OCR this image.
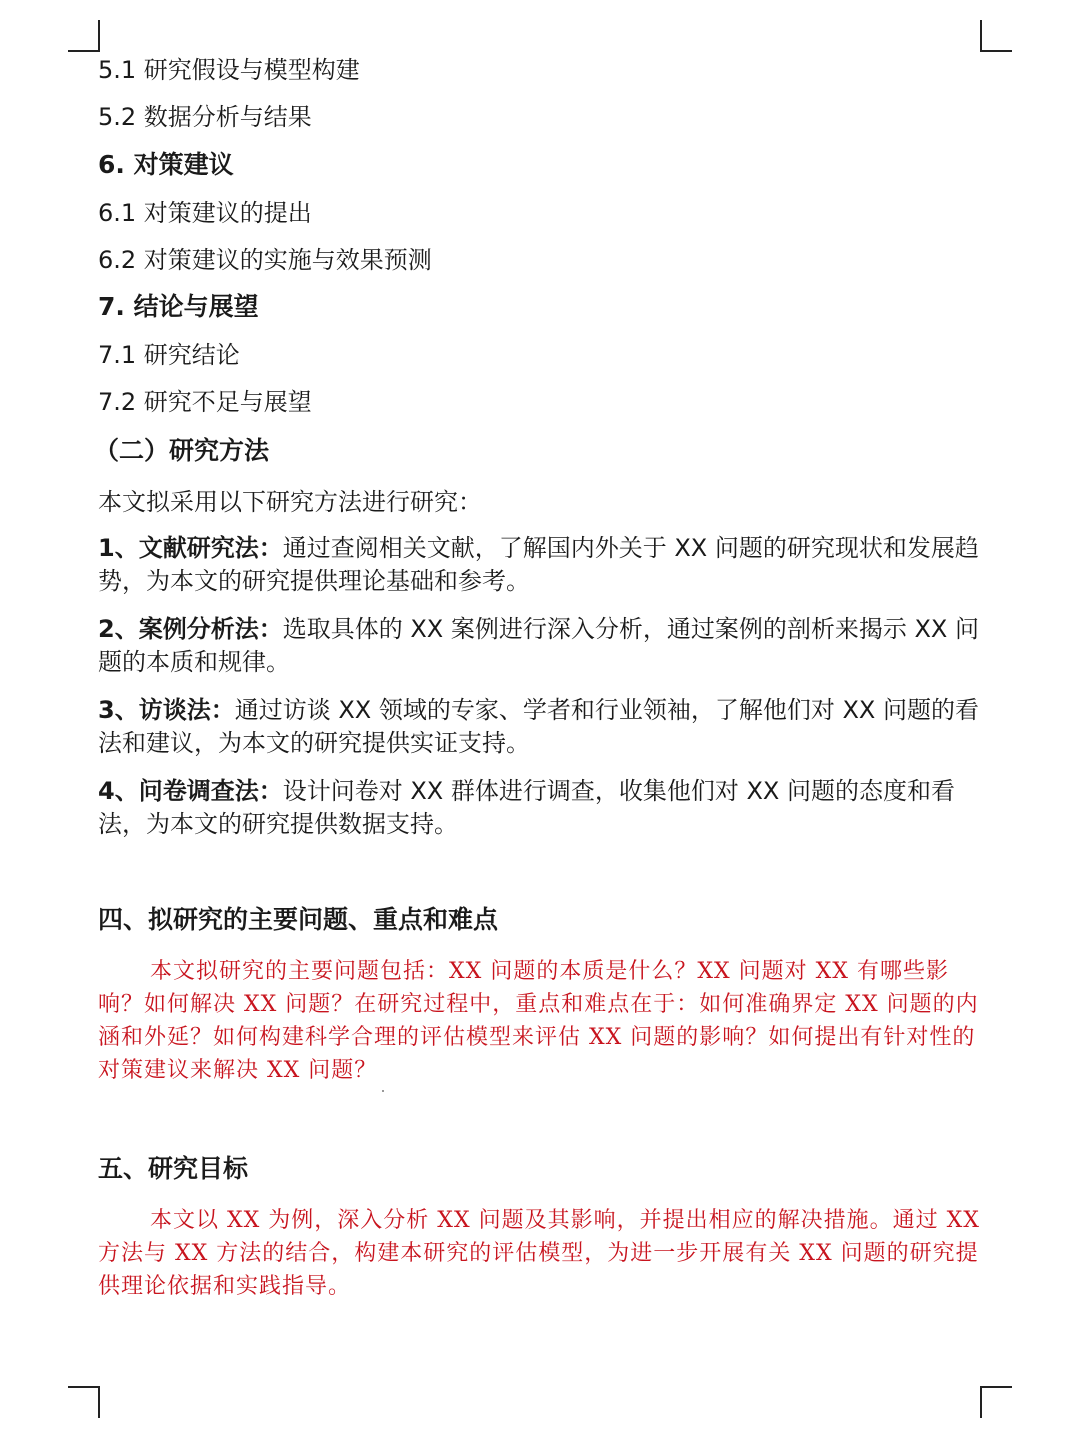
5.1 研究假设与模型构建
5.2 数据分析与结果
6. 对策建议
6.1 对策建议的提出
6.2 对策建议的实施与效果预测
7. 结论与展望
7.1 研究结论
7.2 研究不足与展望
（二）研究方法
本文拟采用以下研究方法进行研究：
1、文献研究法：通过查阅相关文献，了解国内外关于 XX 问题的研究现状和发展趋势，为本文的研究提供理论基础和参考。
2、案例分析法：选取具体的 XX 案例进行深入分析，通过案例的剖析来揭示 XX 问题的本质和规律。
3、访谈法：通过访谈 XX 领域的专家、学者和行业领袖，了解他们对 XX 问题的看法和建议，为本文的研究提供实证支持。
4、问卷调查法：设计问卷对 XX 群体进行调查，收集他们对 XX 问题的态度和看法，为本文的研究提供数据支持。
四、拟研究的主要问题、重点和难点
本文拟研究的主要问题包括：XX 问题的本质是什么？XX 问题对 XX 有哪些影响？如何解决 XX 问题？在研究过程中，重点和难点在于：如何准确界定 XX 问题的内涵和外延？如何构建科学合理的评估模型来评估 XX 问题的影响？如何提出有针对性的对策建议来解决 XX 问题？
五、研究目标
本文以 XX 为例，深入分析 XX 问题及其影响，并提出相应的解决措施。通过 XX 方法与 XX 方法的结合，构建本研究的评估模型，为进一步开展有关 XX 问题的研究提供理论依据和实践指导。
